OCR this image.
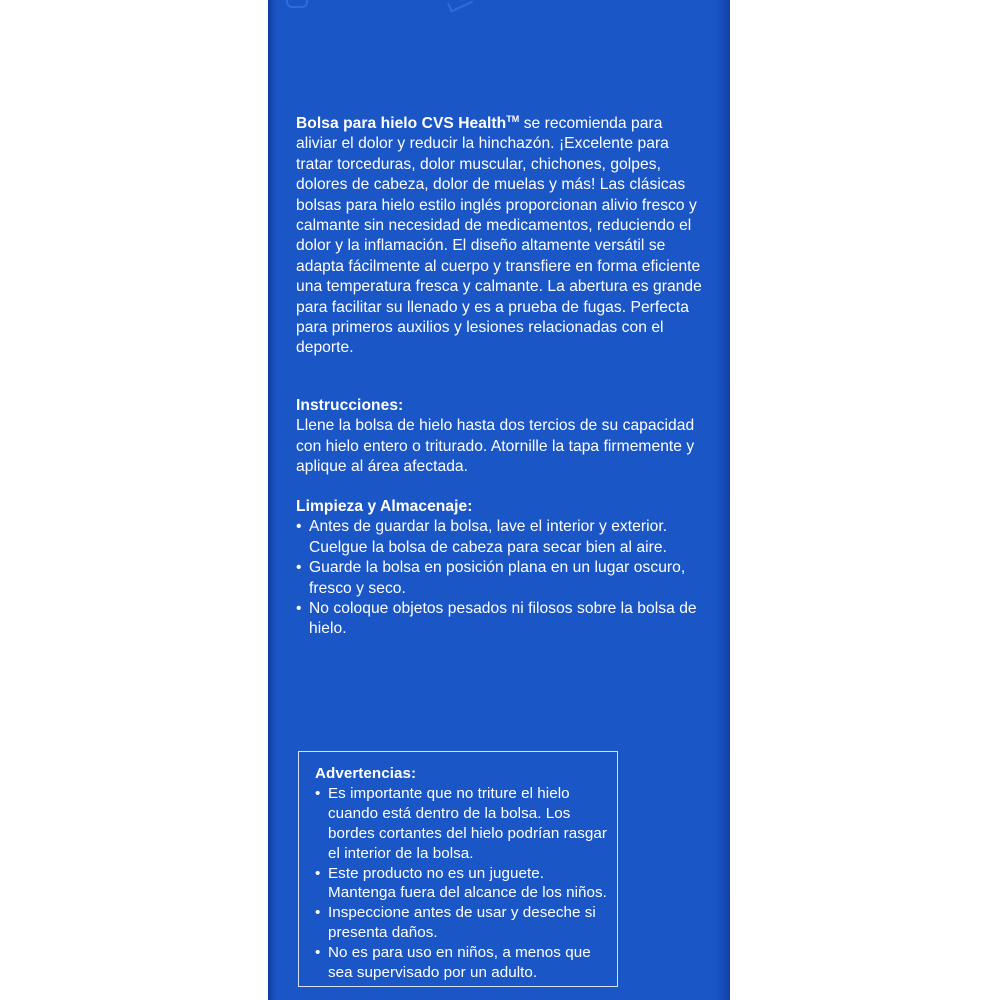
Bolsa para hielo CVS Health™ se recomienda para aliviar el dolor y reducir la hinchazón. ¡Excelente para tratar torceduras, dolor muscular, chichones, golpes, dolores de cabeza, dolor de muelas y más! Las clásicas bolsas para hielo estilo inglés proporcionan alivio fresco y calmante sin necesidad de medicamentos, reduciendo el dolor y la inflamación. El diseño altamente versátil se adapta fácilmente al cuerpo y transfiere en forma eficiente una temperatura fresca y calmante. La abertura es grande para facilitar su llenado y es a prueba de fugas. Perfecta para primeros auxilios y lesiones relacionadas con el deporte.
Instrucciones:
Llene la bolsa de hielo hasta dos tercios de su capacidad con hielo entero o triturado. Atornille la tapa firmemente y aplique al área afectada.
Limpieza y Almacenaje:
• Antes de guardar la bolsa, lave el interior y exterior. Cuelgue la bolsa de cabeza para secar bien al aire.
• Guarde la bolsa en posición plana en un lugar oscuro, fresco y seco.
• No coloque objetos pesados ni filosos sobre la bolsa de hielo.
Advertencias:
• Es importante que no triture el hielo cuando está dentro de la bolsa. Los bordes cortantes del hielo podrían rasgar el interior de la bolsa.
• Este producto no es un juguete. Mantenga fuera del alcance de los niños.
• Inspeccione antes de usar y deseche si presenta daños.
• No es para uso en niños, a menos que sea supervisado por un adulto.
